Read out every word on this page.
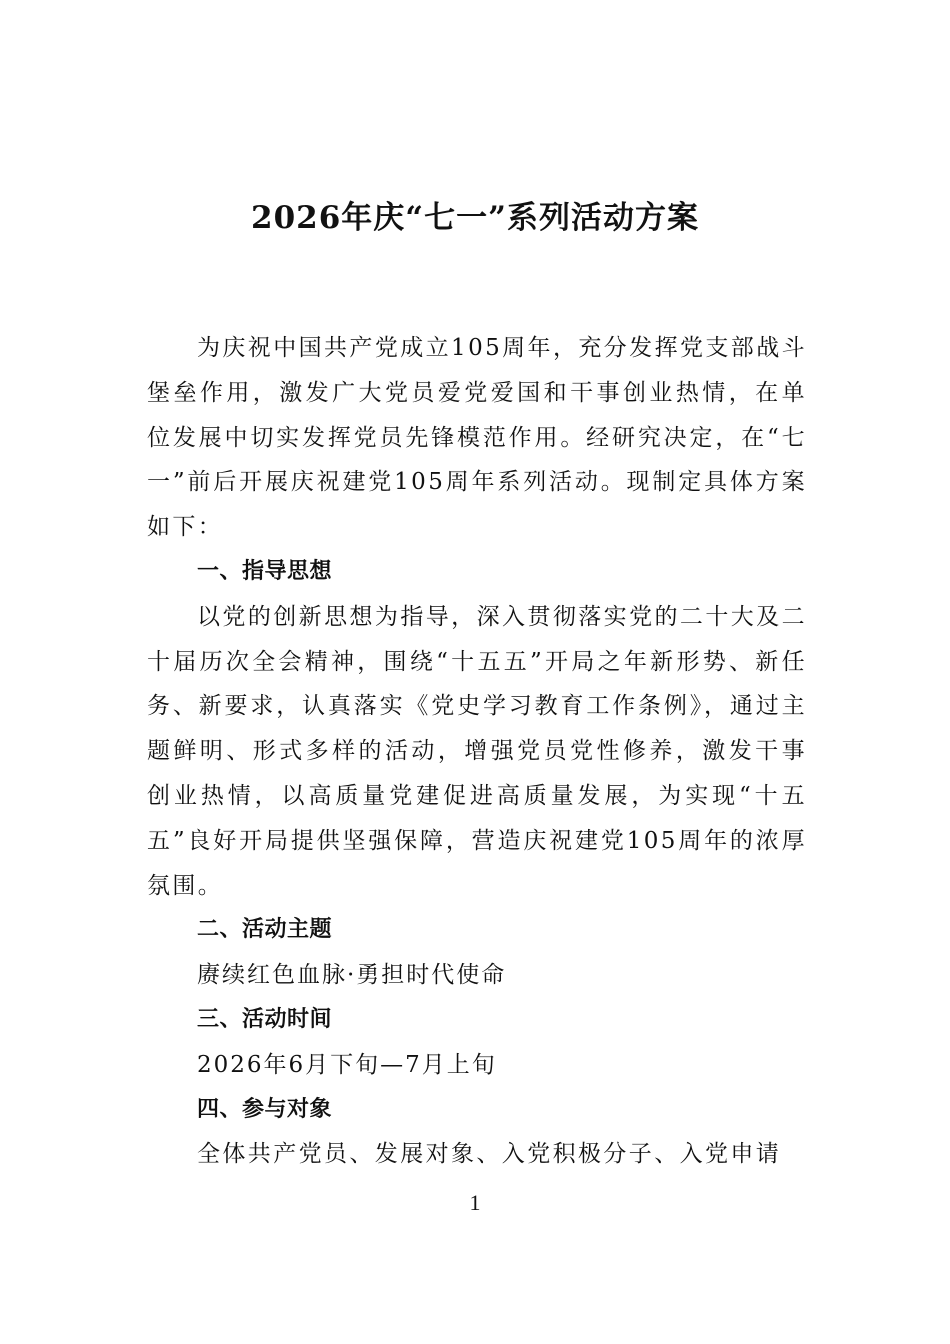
2026年庆“七一”系列活动方案

为庆祝中国共产党成立105周年，充分发挥党支部战斗堡垒作用，激发广大党员爱党爱国和干事创业热情，在单位发展中切实发挥党员先锋模范作用。经研究决定，在“七一”前后开展庆祝建党105周年系列活动。现制定具体方案如下：

一、指导思想

以党的创新思想为指导，深入贯彻落实党的二十大及二十届历次全会精神，围绕“十五五”开局之年新形势、新任务、新要求，认真落实《党史学习教育工作条例》，通过主题鲜明、形式多样的活动，增强党员党性修养，激发干事创业热情，以高质量党建促进高质量发展，为实现“十五五”良好开局提供坚强保障，营造庆祝建党105周年的浓厚氛围。

二、活动主题

赓续红色血脉·勇担时代使命

三、活动时间

2026年6月下旬—7月上旬

四、参与对象

全体共产党员、发展对象、入党积极分子、入党申请

1
